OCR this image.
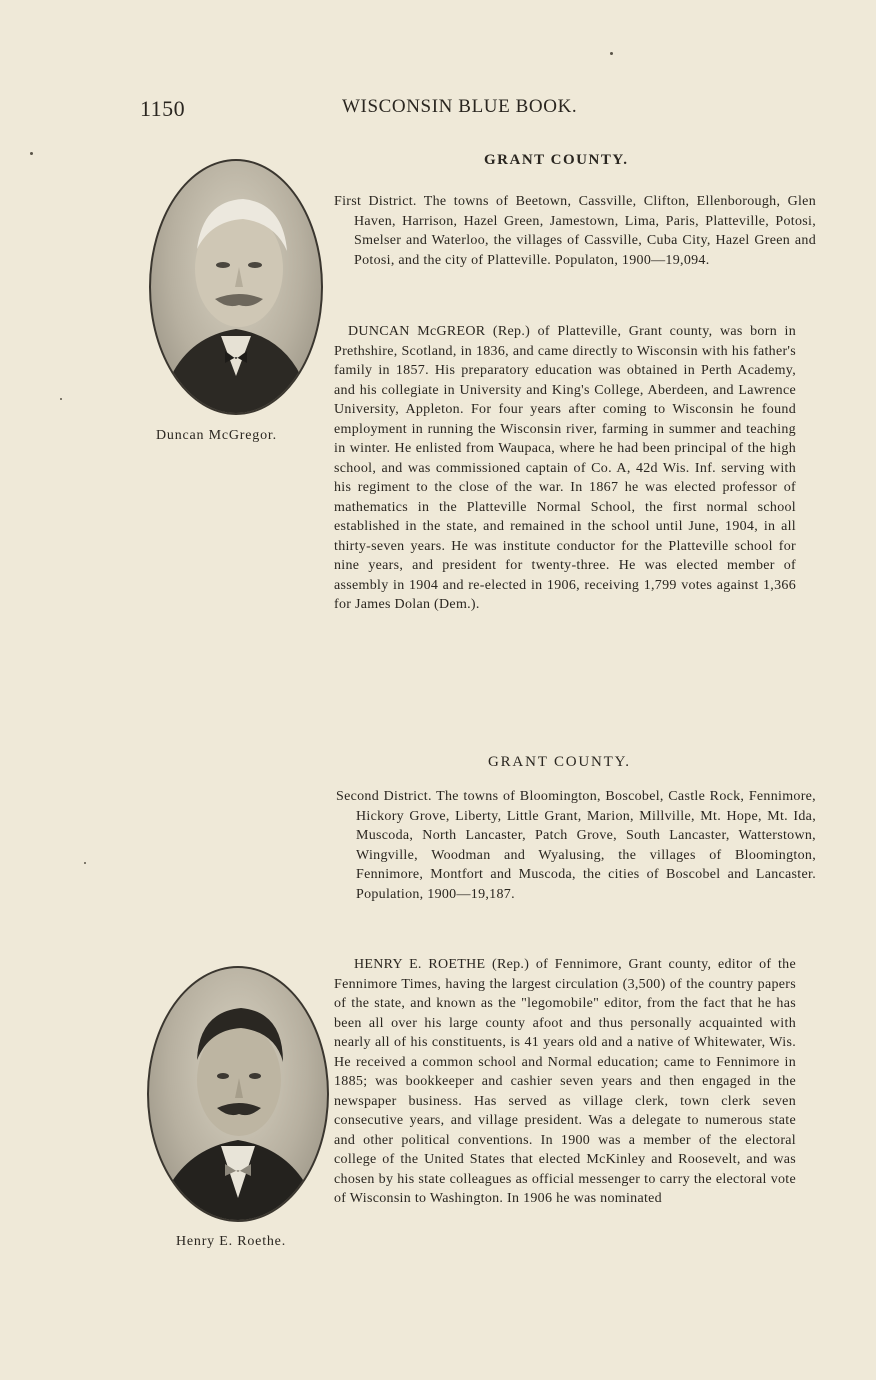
1150	WISCONSIN BLUE BOOK.
GRANT COUNTY.
First District. The towns of Beetown, Cassville, Clifton, Ellenborough, Glen Haven, Harrison, Hazel Green, Jamestown, Lima, Paris, Platteville, Potosi, Smelser and Waterloo, the villages of Cassville, Cuba City, Hazel Green and Potosi, and the city of Platteville. Populaton, 1900—19,094.
DUNCAN McGREOR (Rep.) of Platteville, Grant county, was born in Prethshire, Scotland, in 1836, and came directly to Wisconsin with his father's family in 1857. His preparatory education was obtained in Perth Academy, and his collegiate in University and King's College, Aberdeen, and Lawrence University, Appleton. For four years after coming to Wisconsin he found employment in running the Wisconsin river, farming in summer and teaching in winter. He enlisted from Waupaca, where he had been principal of the high school, and was commissioned captain of Co. A, 42d Wis. Inf. serving with his regiment to the close of the war. In 1867 he was elected professor of mathematics in the Platteville Normal School, the first normal school established in the state, and remained in the school until June, 1904, in all thirty-seven years. He was institute conductor for the Platteville school for nine years, and president for twenty-three. He was elected member of assembly in 1904 and re-elected in 1906, receiving 1,799 votes against 1,366 for James Dolan (Dem.).
Duncan McGregor.
GRANT COUNTY.
Second District. The towns of Bloomington, Boscobel, Castle Rock, Fennimore, Hickory Grove, Liberty, Little Grant, Marion, Millville, Mt. Hope, Mt. Ida, Muscoda, North Lancaster, Patch Grove, South Lancaster, Watterstown, Wingville, Woodman and Wyalusing, the villages of Bloomington, Fennimore, Montfort and Muscoda, the cities of Boscobel and Lancaster. Population, 1900—19,187.
HENRY E. ROETHE (Rep.) of Fennimore, Grant county, editor of the Fennimore Times, having the largest circulation (3,500) of the country papers of the state, and known as the "legomobile" editor, from the fact that he has been all over his large county afoot and thus personally acquainted with nearly all of his constituents, is 41 years old and a native of Whitewater, Wis. He received a common school and Normal education; came to Fennimore in 1885; was bookkeeper and cashier seven years and then engaged in the newspaper business. Has served as village clerk, town clerk seven consecutive years, and village president. Was a delegate to numerous state and other political conventions. In 1900 was a member of the electoral college of the United States that elected McKinley and Roosevelt, and was chosen by his state colleagues as official messenger to carry the electoral vote of Wisconsin to Washington. In 1906 he was nominated
Henry E. Roethe.
